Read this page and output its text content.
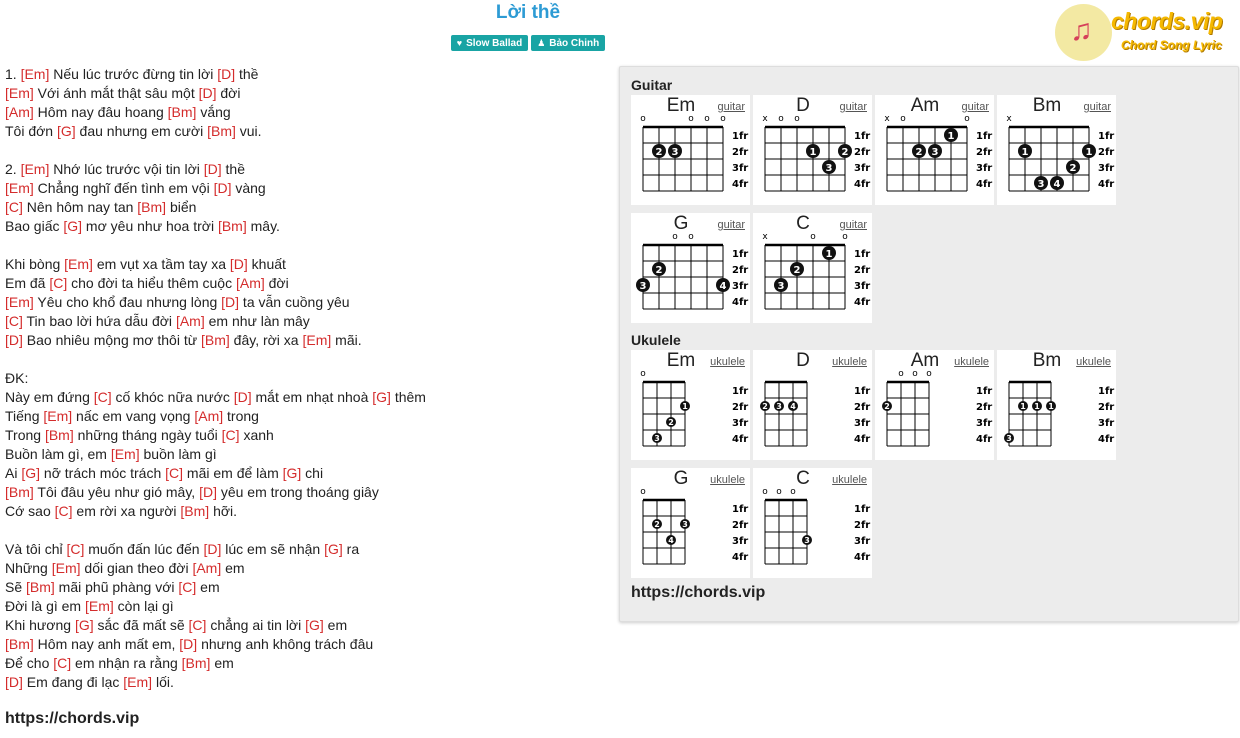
Lời thề
♥ Slow Ballad ♟ Bảo Chinh	♫ chords.vip
Chord Song Lyric
1. [Em] Nếu lúc trước đừng tin lời [D] thề
[Em] Với ánh mắt thật sâu một [D] đời
[Am] Hôm nay đâu hoang [Bm] vắng
Tôi đớn [G] đau nhưng em cười [Bm] vui.
2. [Em] Nhớ lúc trước vội tin lời [D] thề
[Em] Chẳng nghĩ đến tình em vội [D] vàng
[C] Nên hôm nay tan [Bm] biển
Bao giấc [G] mơ yêu như hoa trời [Bm] mây.
Khi bòng [Em] em vụt xa tầm tay xa [D] khuất
Em đã [C] cho đời ta hiểu thêm cuộc [Am] đời
[Em] Yêu cho khổ đau nhưng lòng [D] ta vẫn cuồng yêu
[C] Tin bao lời hứa dẫu đời [Am] em như làn mây
[D] Bao nhiêu mộng mơ thôi từ [Bm] đây, rời xa [Em] mãi.
ĐK:
Này em đứng [C] cố khóc nữa nước [D] mắt em nhạt nhoà [G] thêm
Tiếng [Em] nấc em vang vọng [Am] trong
Trong [Bm] những tháng ngày tuổi [C] xanh
Buồn làm gì, em [Em] buồn làm gì
Ai [G] nỡ trách móc trách [C] mãi em để làm [G] chi
[Bm] Tôi đâu yêu như gió mây, [D] yêu em trong thoáng giây
Cớ sao [C] em rời xa người [Bm] hỡi.
Và tôi chỉ [C] muốn đấn lúc đến [D] lúc em sẽ nhận [G] ra
Những [Em] dối gian theo đời [Am] em
Sẽ [Bm] mãi phũ phàng với [C] em
Đời là gì em [Em] còn lại gì
Khi hương [G] sắc đã mất sẽ [C] chẳng ai tin lời [G] em
[Bm] Hôm nay anh mất em, [D] nhưng anh không trách đâu
Để cho [C] em nhận ra rằng [Bm] em
[D] Em đang đi lạc [Em] lối.
https://chords.vip
Guitar
Ukulele
Em	guitar
o	o o o
2 3
1fr
2fr
3fr
4fr
D	guitar
x o o
1	2
3
1fr
2fr
3fr
4fr
Am	guitar
x o	o
1
2 3
1fr
2fr
3fr
4fr
Bm	guitar
x
1	1
2
3 4
1fr
2fr
3fr
4fr
G	guitar
o o
2
3	4
1fr
2fr
3fr
4fr
C	guitar
x	o	o
1
2
3
1fr
2fr
3fr
4fr
Em	ukulele
o
1
2
3
1fr
2fr
3fr
4fr
D	ukulele
2 3 4
1fr
2fr
3fr
4fr
Am	ukulele
o o o
2
1fr
2fr
3fr
4fr
Bm	ukulele
1 1 1
3
1fr
2fr
3fr
4fr
G	ukulele
o
2	3
4
1fr
2fr
3fr
4fr
C	ukulele
o o o
3
1fr
2fr
3fr
4fr
https://chords.vip
